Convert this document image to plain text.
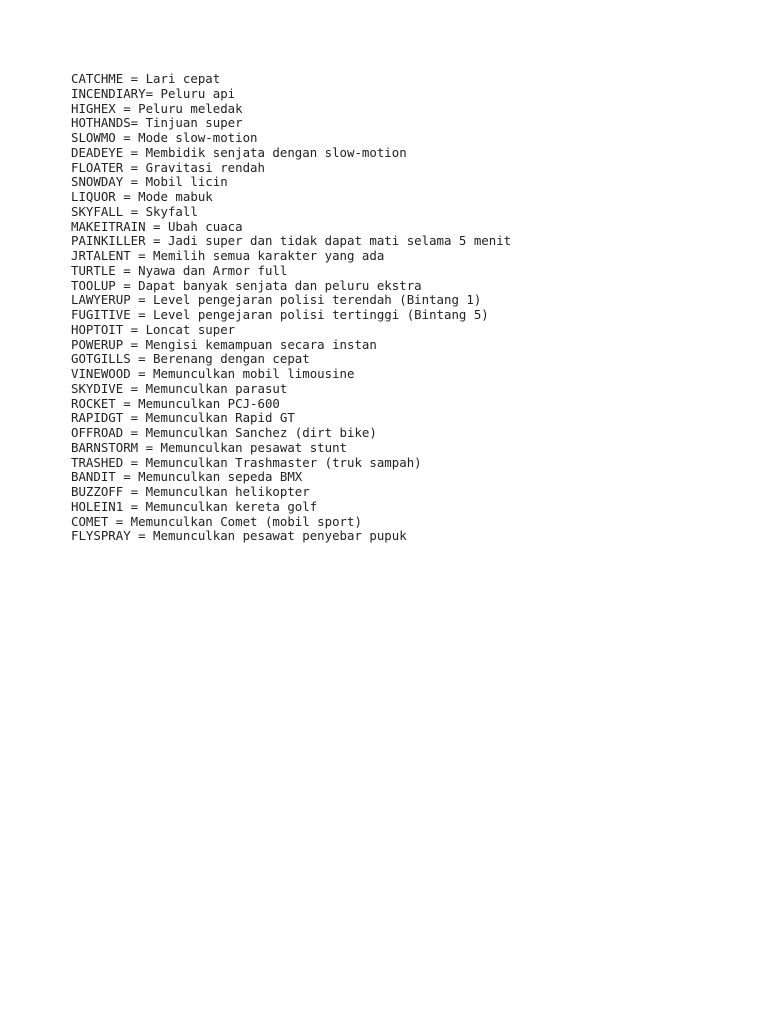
CATCHME = Lari cepat
INCENDIARY= Peluru api
HIGHEX = Peluru meledak
HOTHANDS= Tinjuan super
SLOWMO = Mode slow-motion
DEADEYE = Membidik senjata dengan slow-motion
FLOATER = Gravitasi rendah
SNOWDAY = Mobil licin
LIQUOR = Mode mabuk
SKYFALL = Skyfall
MAKEITRAIN = Ubah cuaca
PAINKILLER = Jadi super dan tidak dapat mati selama 5 menit
JRTALENT = Memilih semua karakter yang ada
TURTLE = Nyawa dan Armor full
TOOLUP = Dapat banyak senjata dan peluru ekstra
LAWYERUP = Level pengejaran polisi terendah (Bintang 1)
FUGITIVE = Level pengejaran polisi tertinggi (Bintang 5)
HOPTOIT = Loncat super
POWERUP = Mengisi kemampuan secara instan
GOTGILLS = Berenang dengan cepat
VINEWOOD = Memunculkan mobil limousine
SKYDIVE = Memunculkan parasut
ROCKET = Memunculkan PCJ-600
RAPIDGT = Memunculkan Rapid GT
OFFROAD = Memunculkan Sanchez (dirt bike)
BARNSTORM = Memunculkan pesawat stunt
TRASHED = Memunculkan Trashmaster (truk sampah)
BANDIT = Memunculkan sepeda BMX
BUZZOFF = Memunculkan helikopter
HOLEIN1 = Memunculkan kereta golf
COMET = Memunculkan Comet (mobil sport)
FLYSPRAY = Memunculkan pesawat penyebar pupuk
